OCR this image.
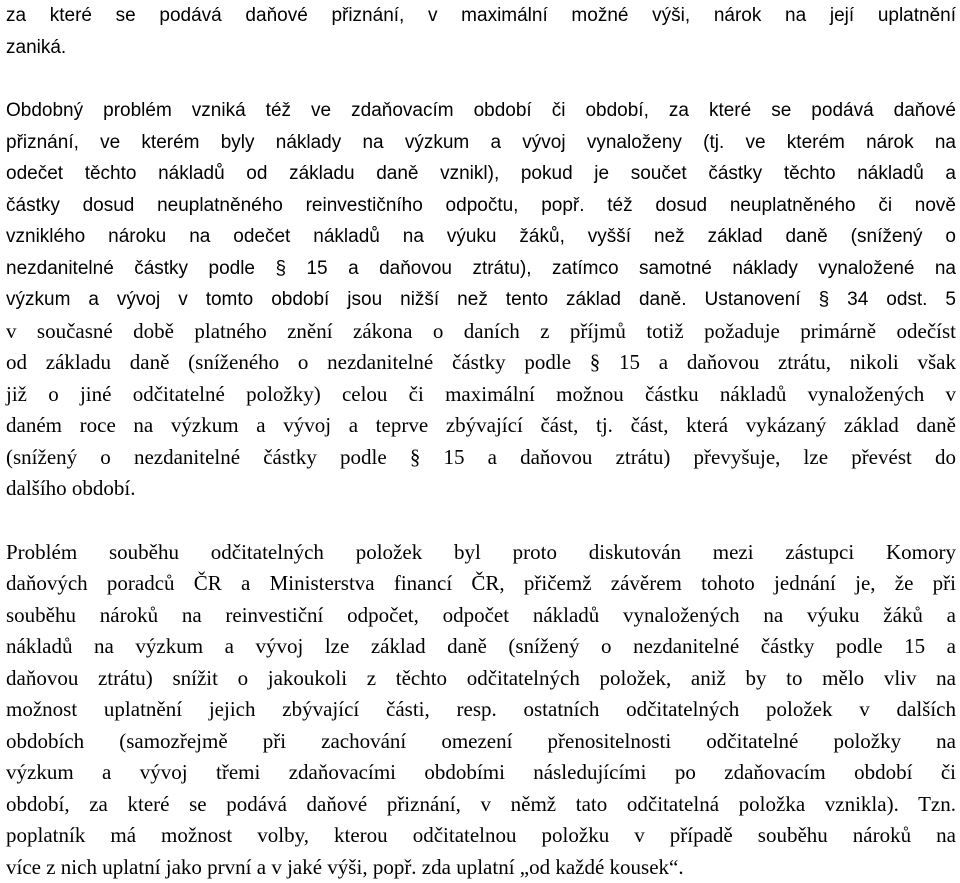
za které se podává daňové přiznání, v maximální možné výši, nárok na její uplatnění
zaniká.
Obdobný problém vzniká též ve zdaňovacím období či období, za které se podává daňové
přiznání, ve kterém byly náklady na výzkum a vývoj vynaloženy (tj. ve kterém nárok na
odečet těchto nákladů od základu daně vznikl), pokud je součet částky těchto nákladů a
částky dosud neuplatněného reinvestičního odpočtu, popř. též dosud neuplatněného či nově
vzniklého nároku na odečet nákladů na výuku žáků, vyšší než základ daně (snížený o
nezdanitelné částky podle § 15 a daňovou ztrátu), zatímco samotné náklady vynaložené na
výzkum a vývoj v tomto období jsou nižší než tento základ daně. Ustanovení § 34 odst. 5
v současné době platného znění zákona o daních z příjmů totiž požaduje primárně odečíst
od základu daně (sníženého o nezdanitelné částky podle § 15 a daňovou ztrátu, nikoli však
již o jiné odčitatelné položky) celou či maximální možnou částku nákladů vynaložených v
daném roce na výzkum a vývoj a teprve zbývající část, tj. část, která vykázaný základ daně
(snížený o nezdanitelné částky podle § 15 a daňovou ztrátu) převyšuje, lze převést do
dalšího období.
Problém souběhu odčitatelných položek byl proto diskutován mezi zástupci Komory
daňových poradců ČR a Ministerstva financí ČR, přičemž závěrem tohoto jednání je, že při
souběhu nároků na reinvestiční odpočet, odpočet nákladů vynaložených na výuku žáků a
nákladů na výzkum a vývoj lze základ daně (snížený o nezdanitelné částky podle 15 a
daňovou ztrátu) snížit o jakoukoli z těchto odčitatelných položek, aniž by to mělo vliv na
možnost uplatnění jejich zbývající části, resp. ostatních odčitatelných položek v dalších
obdobích (samozřejmě při zachování omezení přenositelnosti odčitatelné položky na
výzkum a vývoj třemi zdaňovacími obdobími následujícími po zdaňovacím období či
období, za které se podává daňové přiznání, v němž tato odčitatelná položka vznikla). Tzn.
poplatník má možnost volby, kterou odčitatelnou položku v případě souběhu nároků na
více z nich uplatní jako první a v jaké výši, popř. zda uplatní „od každé kousek“.
